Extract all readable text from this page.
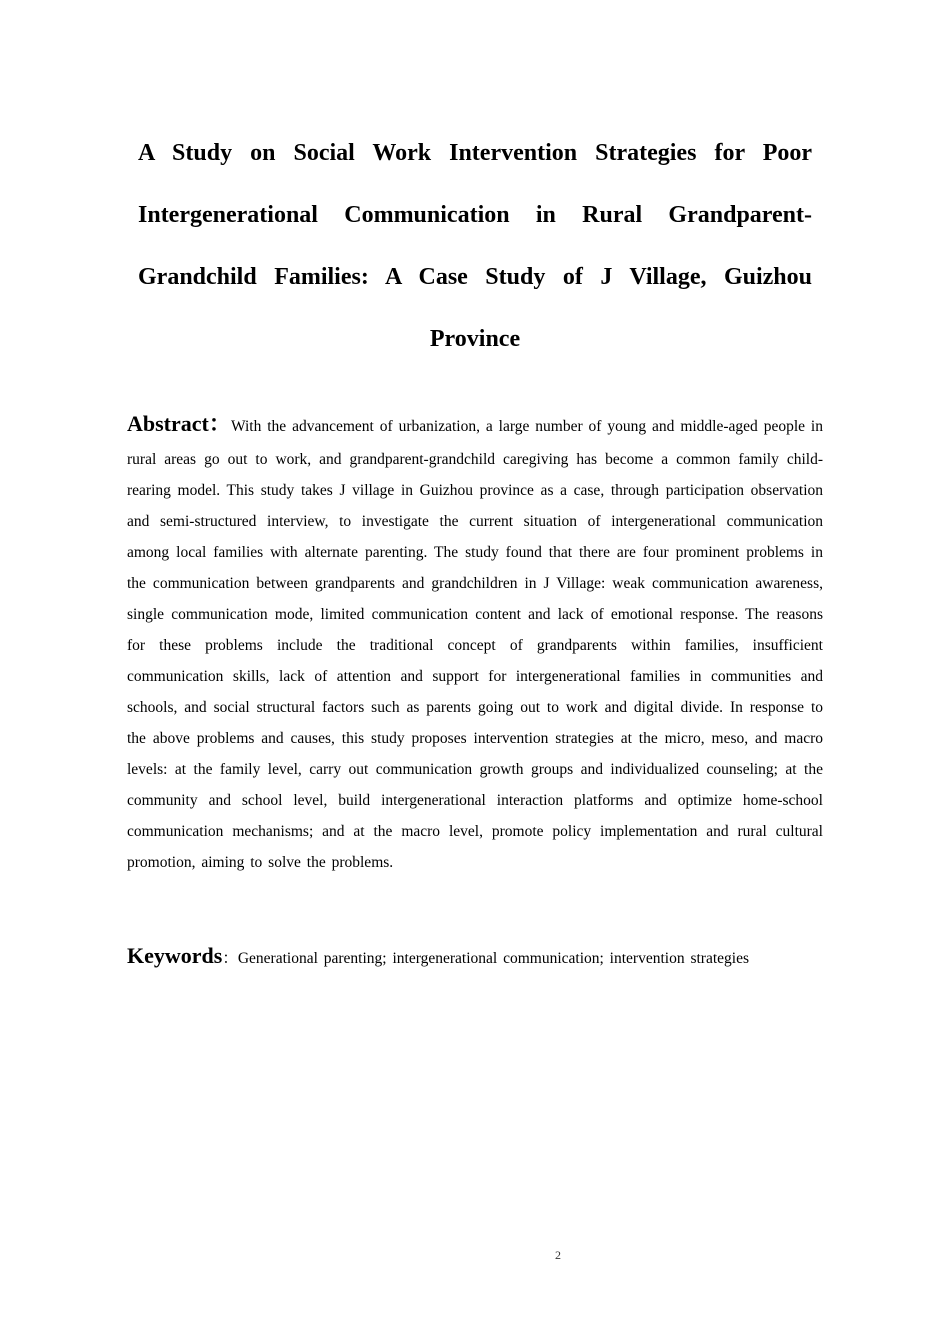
A Study on Social Work Intervention Strategies for Poor Intergenerational Communication in Rural Grandparent-Grandchild Families: A Case Study of J Village, Guizhou Province

Abstract：With the advancement of urbanization, a large number of young and middle-aged people in rural areas go out to work, and grandparent-grandchild caregiving has become a common family child-rearing model. This study takes J village in Guizhou province as a case, through participation observation and semi-structured interview, to investigate the current situation of intergenerational communication among local families with alternate parenting. The study found that there are four prominent problems in the communication between grandparents and grandchildren in J Village: weak communication awareness, single communication mode, limited communication content and lack of emotional response. The reasons for these problems include the traditional concept of grandparents within families, insufficient communication skills, lack of attention and support for intergenerational families in communities and schools, and social structural factors such as parents going out to work and digital divide. In response to the above problems and causes, this study proposes intervention strategies at the micro, meso, and macro levels: at the family level, carry out communication growth groups and individualized counseling; at the community and school level, build intergenerational interaction platforms and optimize home-school communication mechanisms; and at the macro level, promote policy implementation and rural cultural promotion, aiming to solve the problems.

Keywords：Generational parenting; intergenerational communication; intervention strategies

2
